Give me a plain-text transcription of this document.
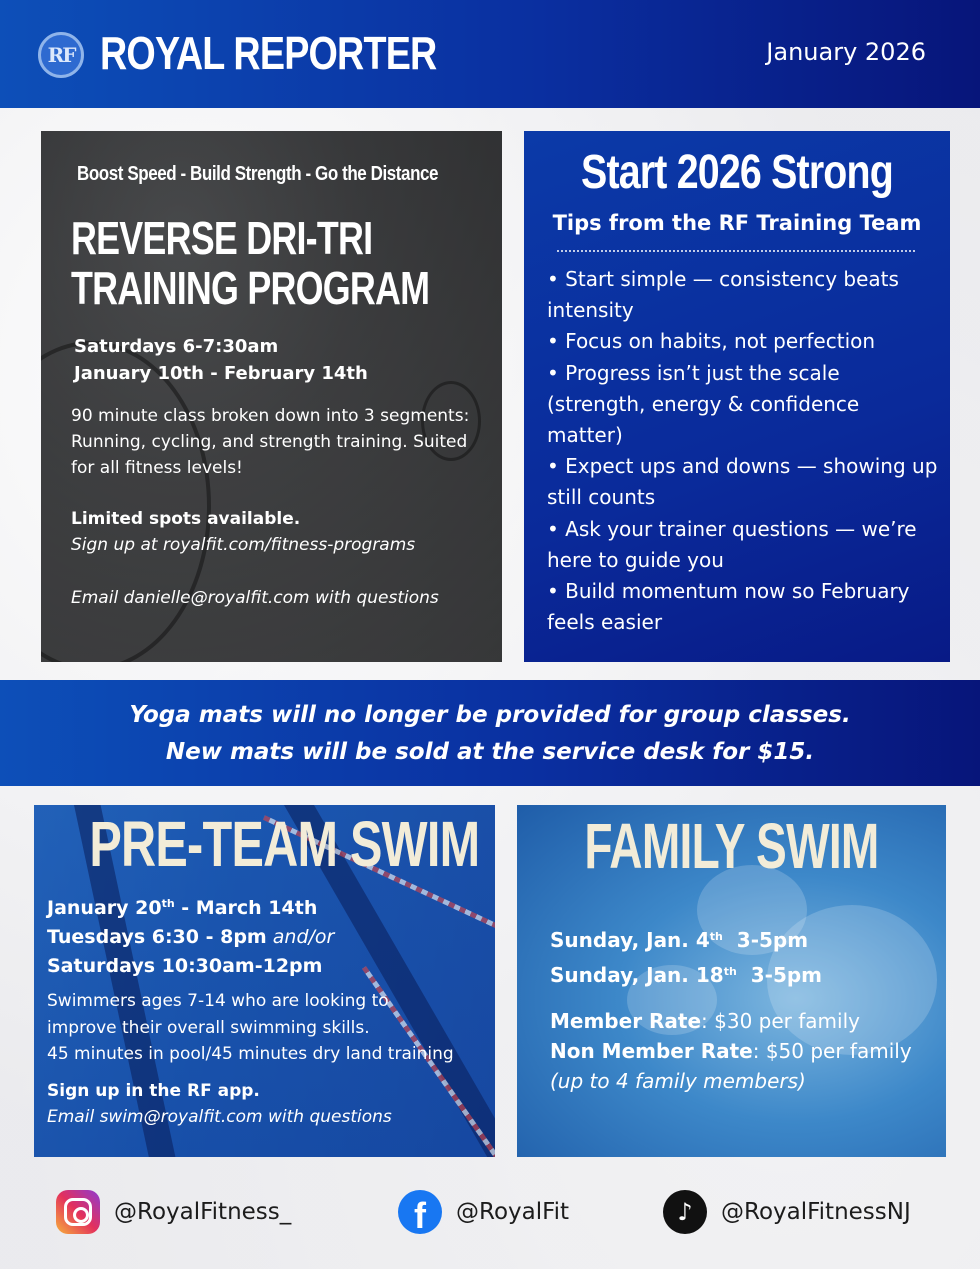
RF ROYAL REPORTER	January 2026
Boost Speed - Build Strength - Go the Distance
REVERSE DRI-TRI
TRAINING PROGRAM
Saturdays 6-7:30am
January 10th - February 14th
90 minute class broken down into 3 segments: Running, cycling, and strength training. Suited for all fitness levels!
Limited spots available.
Sign up at royalfit.com/fitness-programs
Email danielle@royalfit.com with questions
Start 2026 Strong
Tips from the RF Training Team
• Start simple — consistency beats intensity
• Focus on habits, not perfection
• Progress isn’t just the scale (strength, energy & confidence matter)
• Expect ups and downs — showing up still counts
• Ask your trainer questions — we’re here to guide you
• Build momentum now so February feels easier
Yoga mats will no longer be provided for group classes.
New mats will be sold at the service desk for $15.
PRE-TEAM SWIM
January 20th - March 14th
Tuesdays 6:30 - 8pm and/or
Saturdays 10:30am-12pm
Swimmers ages 7-14 who are looking to
improve their overall swimming skills.
45 minutes in pool/45 minutes dry land training
Sign up in the RF app.
Email swim@royalfit.com with questions
FAMILY SWIM
Sunday, Jan. 4th  3-5pm
Sunday, Jan. 18th  3-5pm
Member Rate: $30 per family
Non Member Rate: $50 per family
(up to 4 family members)
@RoyalFitness_	f	@RoyalFit	♪	@RoyalFitnessNJ
